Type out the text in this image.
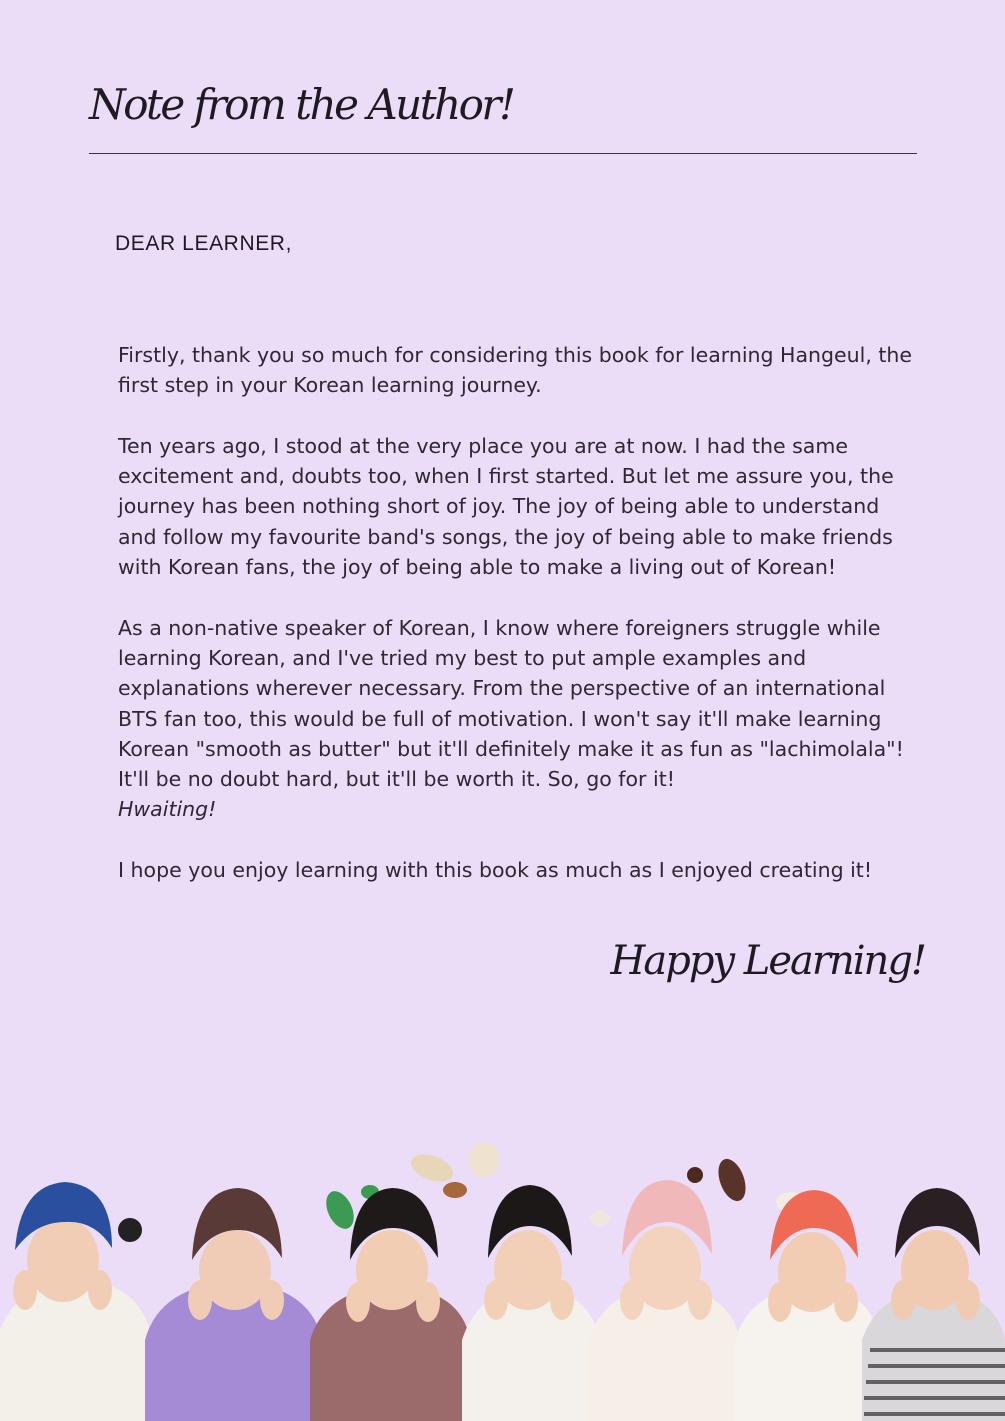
Note from the Author!
DEAR LEARNER,

Firstly, thank you so much for considering this book for learning Hangeul, the first step in your Korean learning journey.

Ten years ago, I stood at the very place you are at now. I had the same excitement and, doubts too, when I first started. But let me assure you, the journey has been nothing short of joy. The joy of being able to understand and follow my favourite band's songs, the joy of being able to make friends with Korean fans, the joy of being able to make a living out of Korean!

As a non-native speaker of Korean, I know where foreigners struggle while learning Korean, and I've tried my best to put ample examples and explanations wherever necessary. From the perspective of an international BTS fan too, this would be full of motivation. I won't say it'll make learning Korean "smooth as butter" but it'll definitely make it as fun as "lachimolala"! It'll be no doubt hard, but it'll be worth it. So, go for it!
Hwaiting!

I hope you enjoy learning with this book as much as I enjoyed creating it!

Happy Learning!
